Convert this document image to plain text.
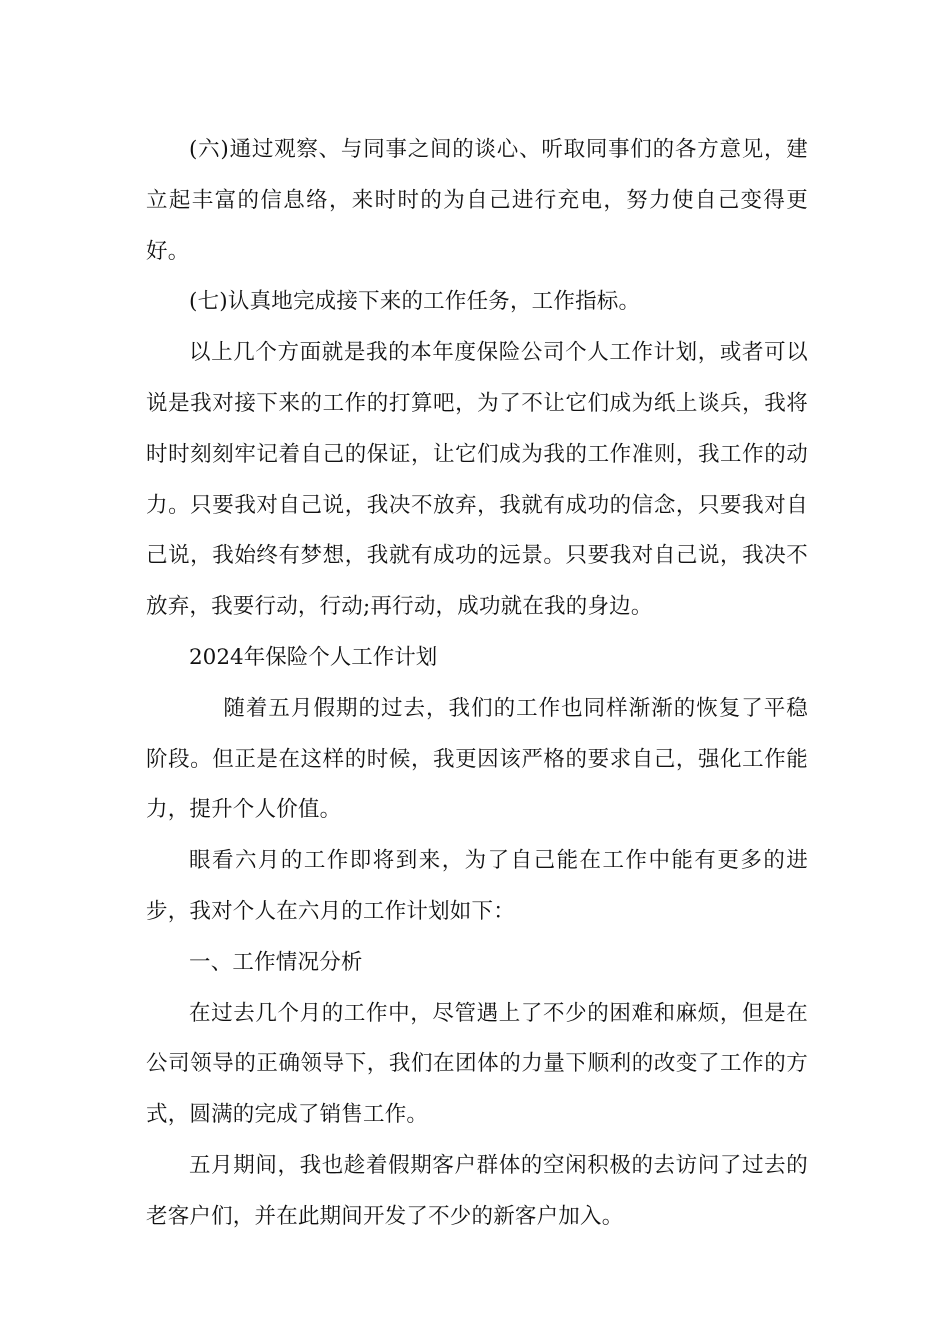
(六)通过观察、与同事之间的谈心、听取同事们的各方意见，建立起丰富的信息络，来时时的为自己进行充电，努力使自己变得更好。

(七)认真地完成接下来的工作任务，工作指标。

以上几个方面就是我的本年度保险公司个人工作计划，或者可以说是我对接下来的工作的打算吧，为了不让它们成为纸上谈兵，我将时时刻刻牢记着自己的保证，让它们成为我的工作准则，我工作的动力。只要我对自己说，我决不放弃，我就有成功的信念，只要我对自己说，我始终有梦想，我就有成功的远景。只要我对自己说，我决不放弃，我要行动，行动;再行动，成功就在我的身边。

2024年保险个人工作计划

随着五月假期的过去，我们的工作也同样渐渐的恢复了平稳阶段。但正是在这样的时候，我更因该严格的要求自己，强化工作能力，提升个人价值。

眼看六月的工作即将到来，为了自己能在工作中能有更多的进步，我对个人在六月的工作计划如下：

一、工作情况分析

在过去几个月的工作中，尽管遇上了不少的困难和麻烦，但是在公司领导的正确领导下，我们在团体的力量下顺利的改变了工作的方式，圆满的完成了销售工作。

五月期间，我也趁着假期客户群体的空闲积极的去访问了过去的老客户们，并在此期间开发了不少的新客户加入。
